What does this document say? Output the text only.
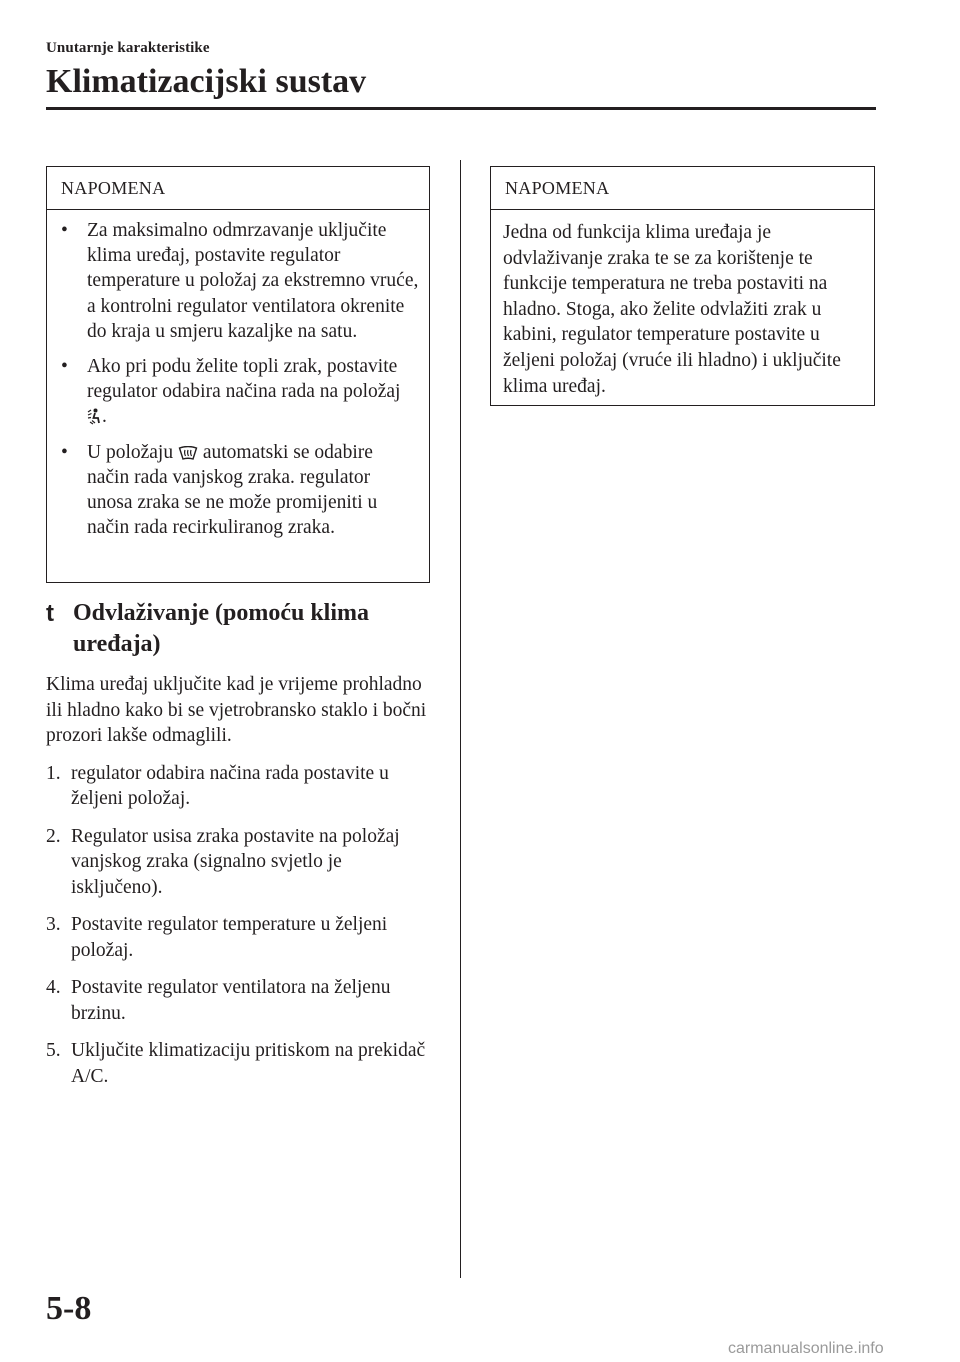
Unutarnje karakteristike
Klimatizacijski sustav
NAPOMENA
• Za maksimalno odmrzavanje uključite klima uređaj, postavite regulator temperature u položaj za ekstremno vruće, a kontrolni regulator ventilatora okrenite do kraja u smjeru kazaljke na satu.
• Ako pri podu želite topli zrak, postavite regulator odabira načina rada na položaj .
• U položaju  automatski se odabire način rada vanjskog zraka. regulator unosa zraka se ne može promijeniti u način rada recirkuliranog zraka.
t Odvlaživanje (pomoću klima uređaja)

Klima uređaj uključite kad je vrijeme prohladno ili hladno kako bi se vjetrobransko staklo i bočni prozori lakše odmaglili.

1. regulator odabira načina rada postavite u željeni položaj.
2. Regulator usisa zraka postavite na položaj vanjskog zraka (signalno svjetlo je isključeno).
3. Postavite regulator temperature u željeni položaj.
4. Postavite regulator ventilatora na željenu brzinu.
5. Uključite klimatizaciju pritiskom na prekidač A/C.
NAPOMENA
Jedna od funkcija klima uređaja je odvlaživanje zraka te se za korištenje te funkcije temperatura ne treba postaviti na hladno. Stoga, ako želite odvlažiti zrak u kabini, regulator temperature postavite u željeni položaj (vruće ili hladno) i uključite klima uređaj.
5-8
carmanualsonline.info
